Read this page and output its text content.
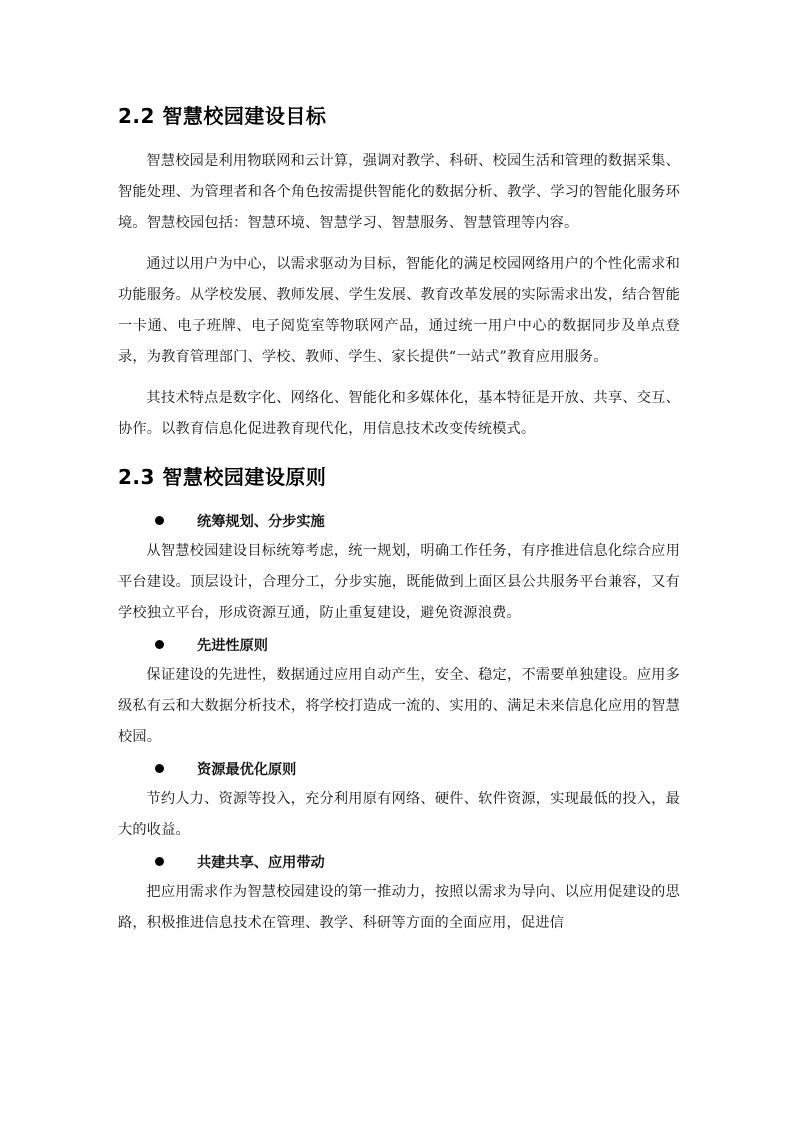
2.2 智慧校园建设目标

智慧校园是利用物联网和云计算，强调对教学、科研、校园生活和管理的数据采集、智能处理、为管理者和各个角色按需提供智能化的数据分析、教学、学习的智能化服务环境。智慧校园包括：智慧环境、智慧学习、智慧服务、智慧管理等内容。

通过以用户为中心，以需求驱动为目标，智能化的满足校园网络用户的个性化需求和功能服务。从学校发展、教师发展、学生发展、教育改革发展的实际需求出发，结合智能一卡通、电子班牌、电子阅览室等物联网产品，通过统一用户中心的数据同步及单点登录，为教育管理部门、学校、教师、学生、家长提供“一站式”教育应用服务。

其技术特点是数字化、网络化、智能化和多媒体化，基本特征是开放、共享、交互、协作。以教育信息化促进教育现代化，用信息技术改变传统模式。

2.3 智慧校园建设原则
统筹规划、分步实施

从智慧校园建设目标统筹考虑，统一规划，明确工作任务，有序推进信息化综合应用平台建设。顶层设计，合理分工，分步实施，既能做到上面区县公共服务平台兼容，又有学校独立平台，形成资源互通，防止重复建设，避免资源浪费。

先进性原则

保证建设的先进性，数据通过应用自动产生，安全、稳定，不需要单独建设。应用多级私有云和大数据分析技术，将学校打造成一流的、实用的、满足未来信息化应用的智慧校园。

资源最优化原则

节约人力、资源等投入，充分利用原有网络、硬件、软件资源，实现最低的投入，最大的收益。

共建共享、应用带动

把应用需求作为智慧校园建设的第一推动力，按照以需求为导向、以应用促建设的思路，积极推进信息技术在管理、教学、科研等方面的全面应用，促进信
